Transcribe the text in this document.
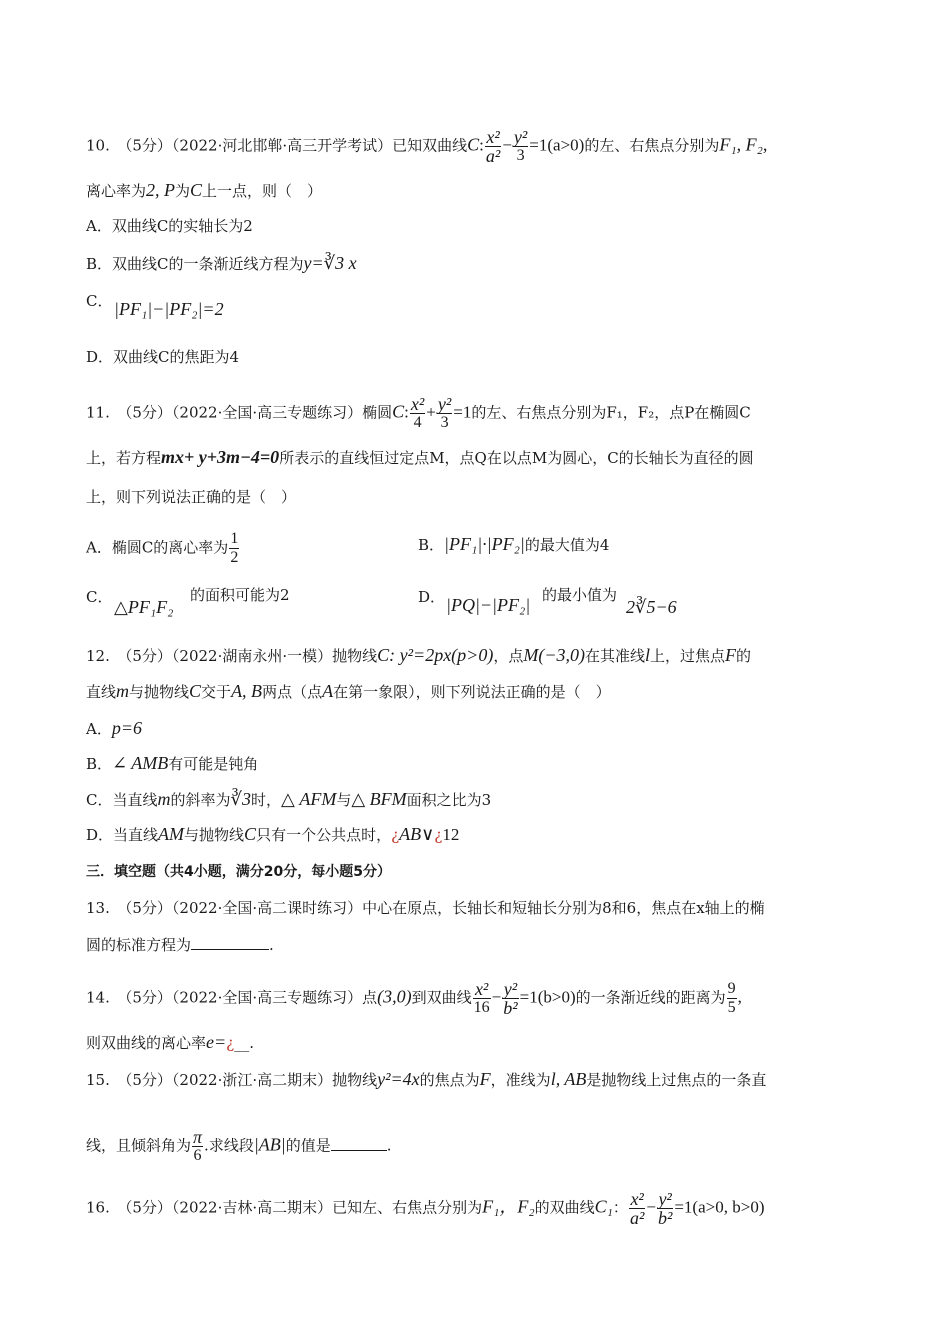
10.　 （5分）（2022·河北邯郸·高三开学考试）已知双曲线C: $\frac{\text{x²}}{\text{a²}} - \frac{\text{y²}}{3} =1(a>0)$的左、右焦点分别为F₁, F₂,
离心率为2, P为C上一点，则（　）
A．双曲线C的实轴长为2
B．双曲线C的一条渐近线方程为y=∛3 x
C． |PF₁|−|PF₂|=2
D．双曲线C的焦距为4
11.　 （5分）（2022·全国·高三专题练习）椭圆C: $\frac{\text{x²}}{4} + \frac{\text{y²}}{3} =1$的左、右焦点分别为F₁，F₂，点P在椭圆C
上，若方程mx+ y+3m−4=0所表示的直线恒过定点M，点Q在以点M为圆心，C的长轴长为直径的圆
上，则下列说法正确的是（　）
A．椭圆C的离心率为 $\frac{1}{2}$	B．|PF₁|·|PF₂|的最大值为4
C． △PF₁F₂
的面积可能为2	D． |PQ|−|PF₂| 的最小值为
2∛5−6
12.　 （5分）（2022·湖南永州·一模）抛物线C: y²=2px(p>0)，点M(−3,0)在其准线l上，过焦点F的
直线m与抛物线C交于A, B两点（点A在第一象限），则下列说法正确的是（　）
A．p=6
B．∠ AMB有可能是钝角
C．当直线m的斜率为∛3时，△ AFM与△ BFM面积之比为3
D．当直线AM与抛物线C只有一个公共点时，¿AB∨¿12
三．填空题（共4小题，满分20分，每小题5分）
13.　（5分）（2022·全国·高二课时练习）中心在原点，长轴长和短轴长分别为8和6，焦点在x轴上的椭
圆的标准方程为	.
14.　（5分）（2022·全国·高三专题练习）点(3,0)到双曲线 $\frac{\text{x²}}{16} - \frac{\text{y²}}{\text{b²}} =1(b>0)$的一条渐近线的距离为 $\frac{9}{5}$ ,
则双曲线的离心率e=¿__.
15.　（5分）（2022·浙江·高二期末）抛物线y²=4x的焦点为F，准线为l, AB是抛物线上过焦点的一条直
线，且倾斜角为 $\frac{\pi}{6}$ .求线段|AB|的值是	.
16.　（5分）（2022·吉林·高二期末）已知左、右焦点分别为F₁，F₂的双曲线C₁： $\frac{\text{x²}}{\text{a²}} - \frac{\text{y²}}{\text{b²}} =1(a>0$, b>0)
